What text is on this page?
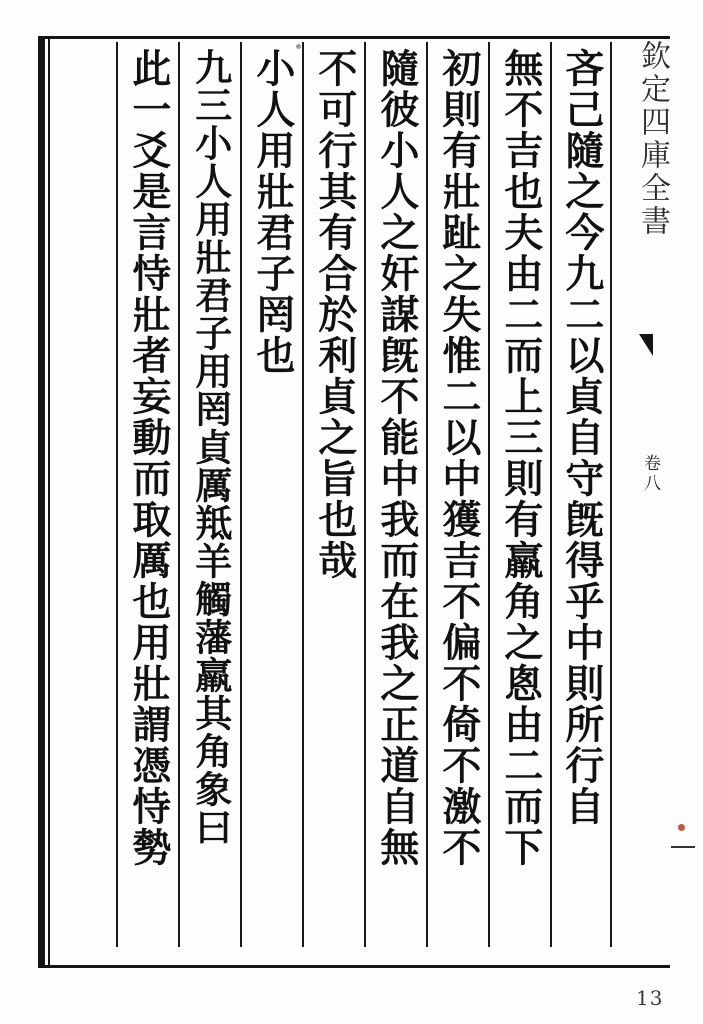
吝己隨之今九二以貞自守旣得乎中則所行自
無不吉也夫由二而上三則有羸角之悤由二而下
初則有壯趾之失惟二以中獲吉不偏不倚不激不
隨彼小人之奸謀旣不能中我而在我之正道自無
不可行其有合於利貞之旨也哉
小人用壯君子罔也
九三小人用壯君子用罔貞厲羝羊觸藩羸其角象曰
此一爻是言恃壯者妄動而取厲也用壯謂憑恃勢	欽定四庫全書
卷八
13
